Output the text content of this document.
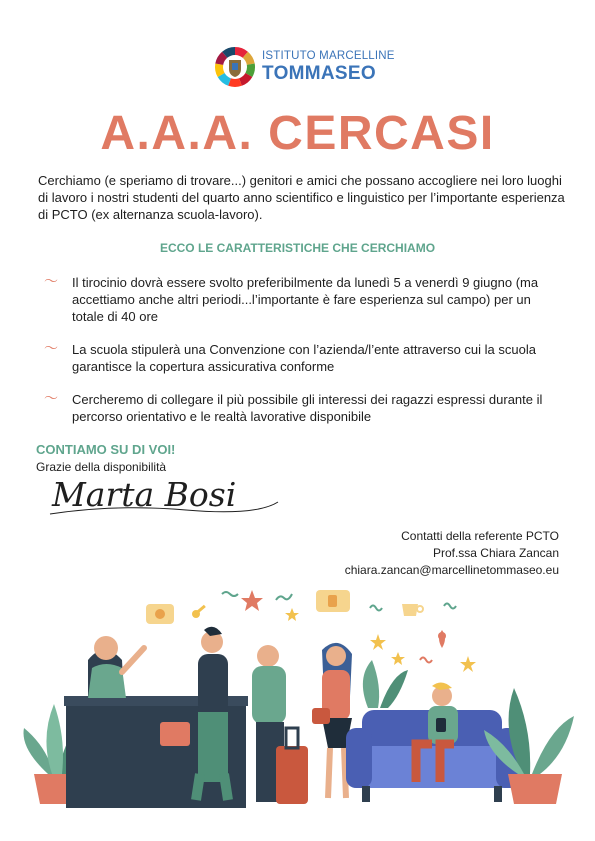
ISTITUTO MARCELLINE
TOMMASEO
A.A.A. CERCASI

Cerchiamo (e speriamo di trovare...) genitori e amici che possano accogliere nei loro luoghi di lavoro i nostri studenti del quarto anno scientifico e linguistico per l’importante esperienza di PCTO (ex alternanza scuola-lavoro).

ECCO LE CARATTERISTICHE CHE CERCHIAMO
〜	Il tirocinio dovrà essere svolto preferibilmente da lunedì 5 a venerdì 9 giugno (ma accettiamo anche altri periodi...l’importante è fare esperienza sul campo) per un totale di 40 ore
〜	La scuola stipulerà una Convenzione con l’azienda/l’ente attraverso cui la scuola garantisce la copertura assicurativa conforme
〜	Cercheremo di collegare il più possibile gli interessi dei ragazzi espressi durante il percorso orientativo e le realtà lavorative disponibile
CONTIAMO SU DI VOI!
Grazie della disponibilità
Marta Bosi
Contatti della referente PCTO
Prof.ssa Chiara Zancan
chiara.zancan@marcellinetommaseo.eu
